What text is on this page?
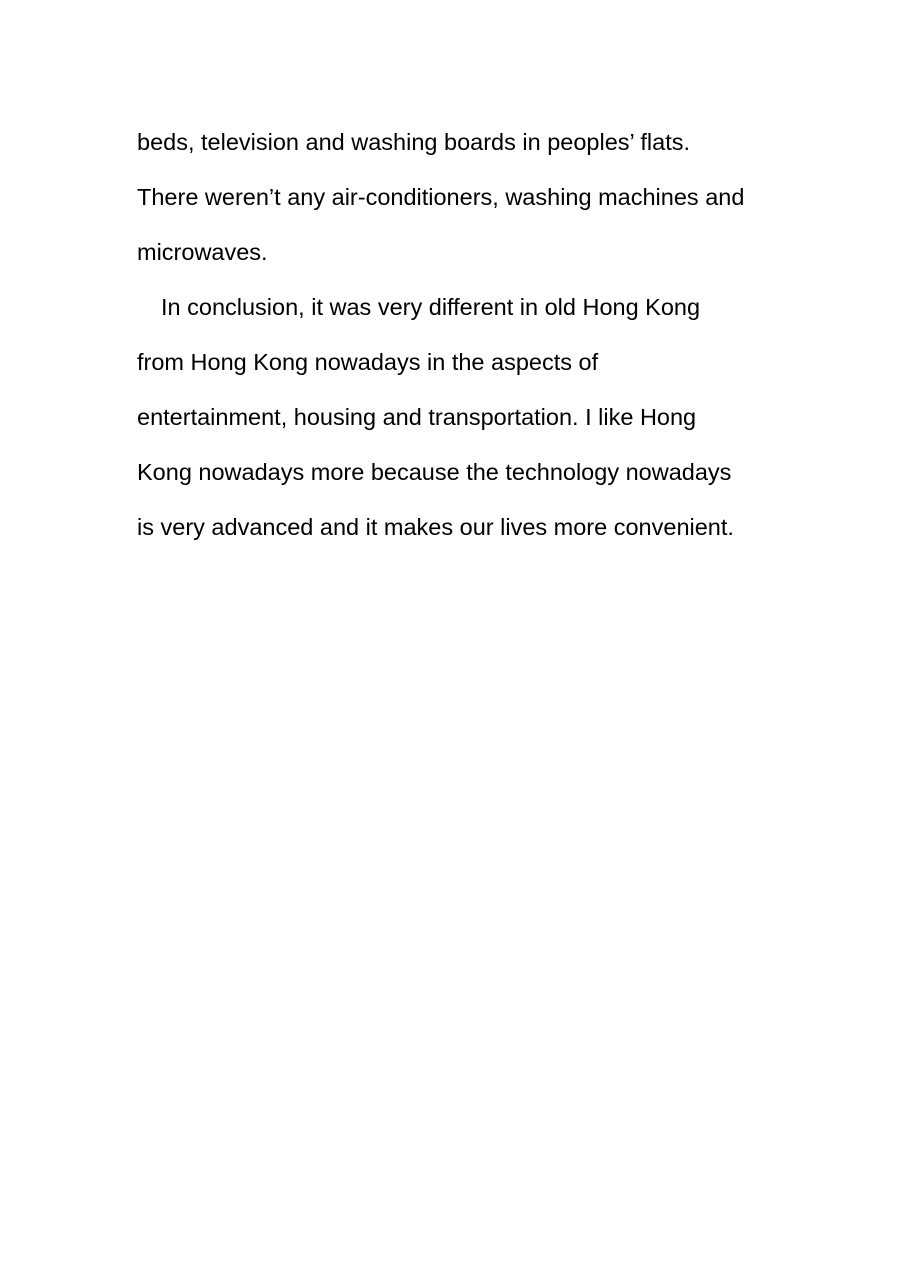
beds, television and washing boards in peoples’ flats.
There weren’t any air-conditioners, washing machines and
microwaves.
In conclusion, it was very different in old Hong Kong
from Hong Kong nowadays in the aspects of
entertainment, housing and transportation. I like Hong
Kong nowadays more because the technology nowadays
is very advanced and it makes our lives more convenient.
